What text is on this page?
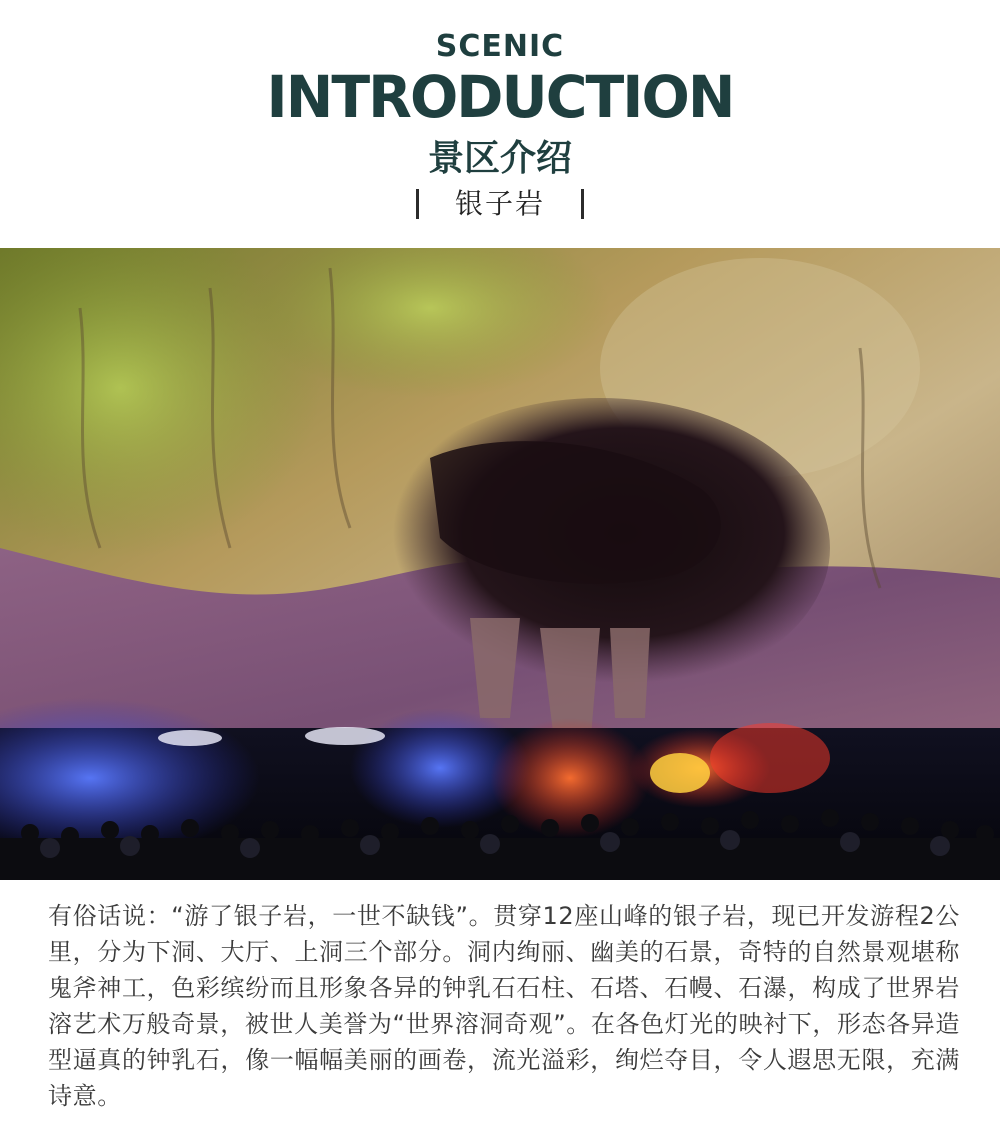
SCENIC
INTRODUCTION
景区介绍
银子岩

有俗话说：“游了银子岩，一世不缺钱”。贯穿12座山峰的银子岩，现已开发游程2公里，分为下洞、大厅、上洞三个部分。洞内绚丽、幽美的石景，奇特的自然景观堪称鬼斧神工，色彩缤纷而且形象各异的钟乳石石柱、石塔、石幔、石瀑，构成了世界岩溶艺术万般奇景，被世人美誉为“世界溶洞奇观”。在各色灯光的映衬下，形态各异造型逼真的钟乳石，像一幅幅美丽的画卷，流光溢彩，绚烂夺目，令人遐思无限，充满诗意。
